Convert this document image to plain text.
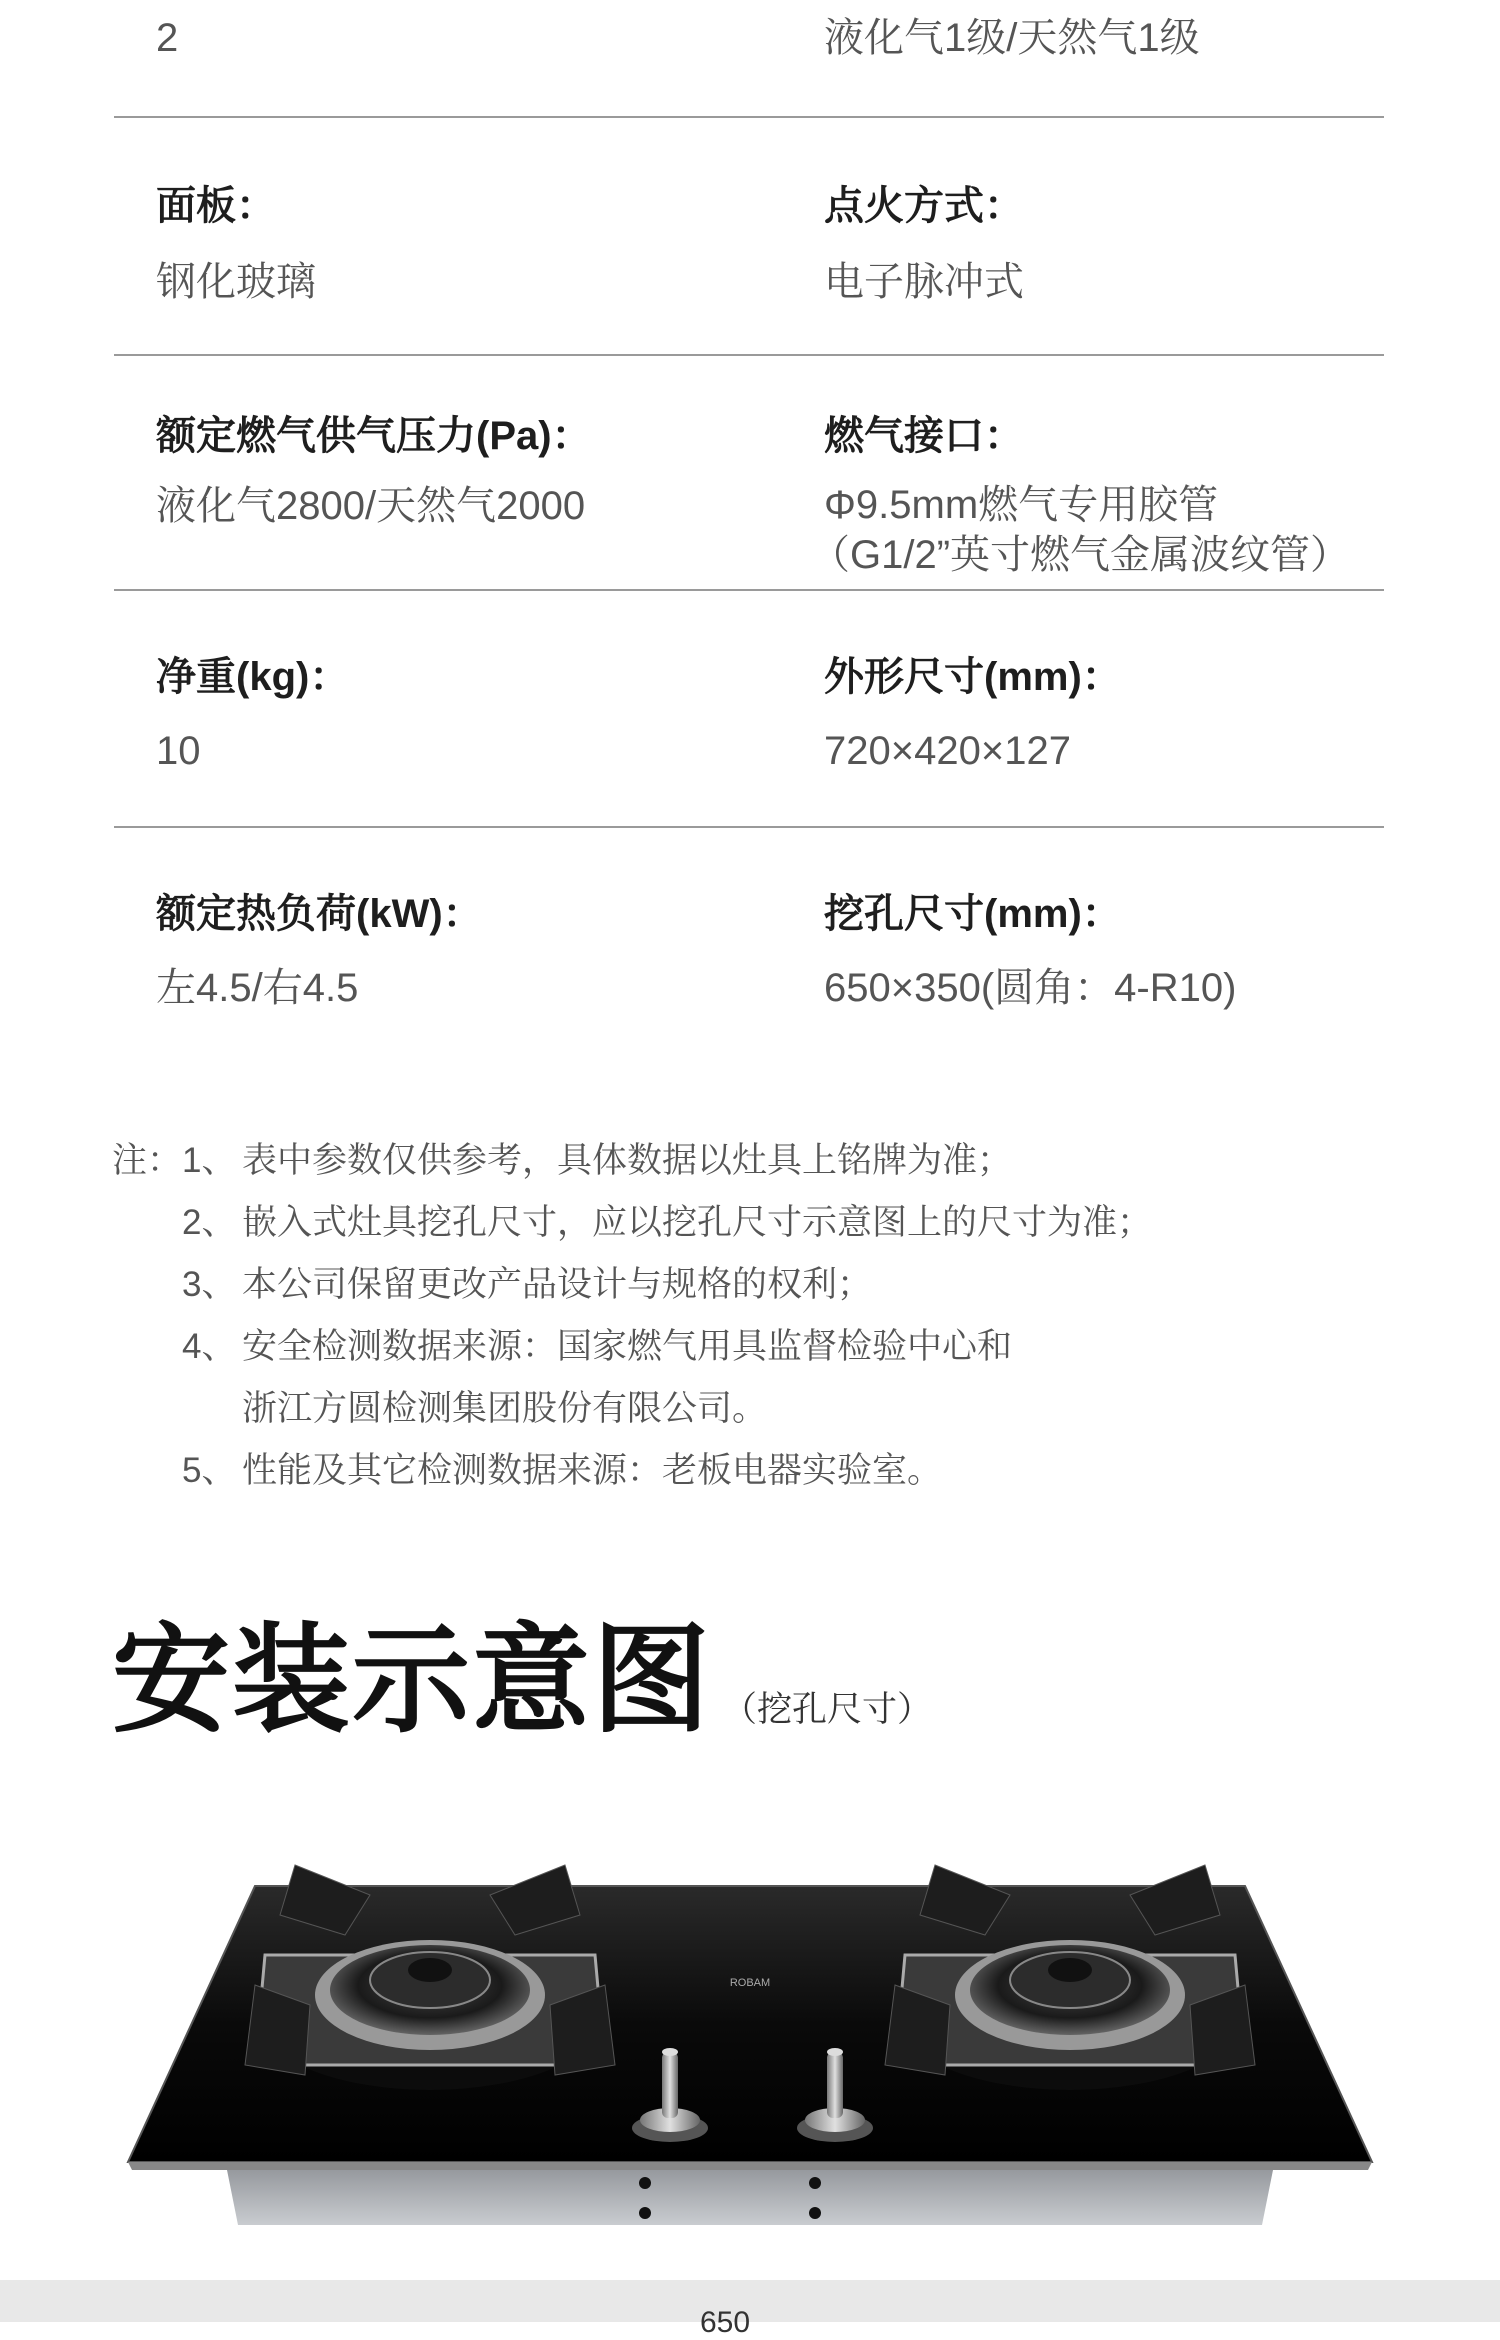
2	液化气1级/天然气1级
面板：
钢化玻璃
点火方式：
电子脉冲式
额定燃气供气压力(Pa)：
液化气2800/天然气2000
燃气接口：
Φ9.5mm燃气专用胶管
（G1/2”英寸燃气金属波纹管）
净重(kg)：
10
外形尺寸(mm)：
720×420×127
额定热负荷(kW)：
左4.5/右4.5
挖孔尺寸(mm)：
650×350(圆角：4-R10)
注： 1、 表中参数仅供参考，具体数据以灶具上铭牌为准；
2、 嵌入式灶具挖孔尺寸，应以挖孔尺寸示意图上的尺寸为准；
3、 本公司保留更改产品设计与规格的权利；
4、 安全检测数据来源：国家燃气用具监督检验中心和
浙江方圆检测集团股份有限公司。
5、 性能及其它检测数据来源：老板电器实验室。
安装示意图 （挖孔尺寸）
ROBAM
650
